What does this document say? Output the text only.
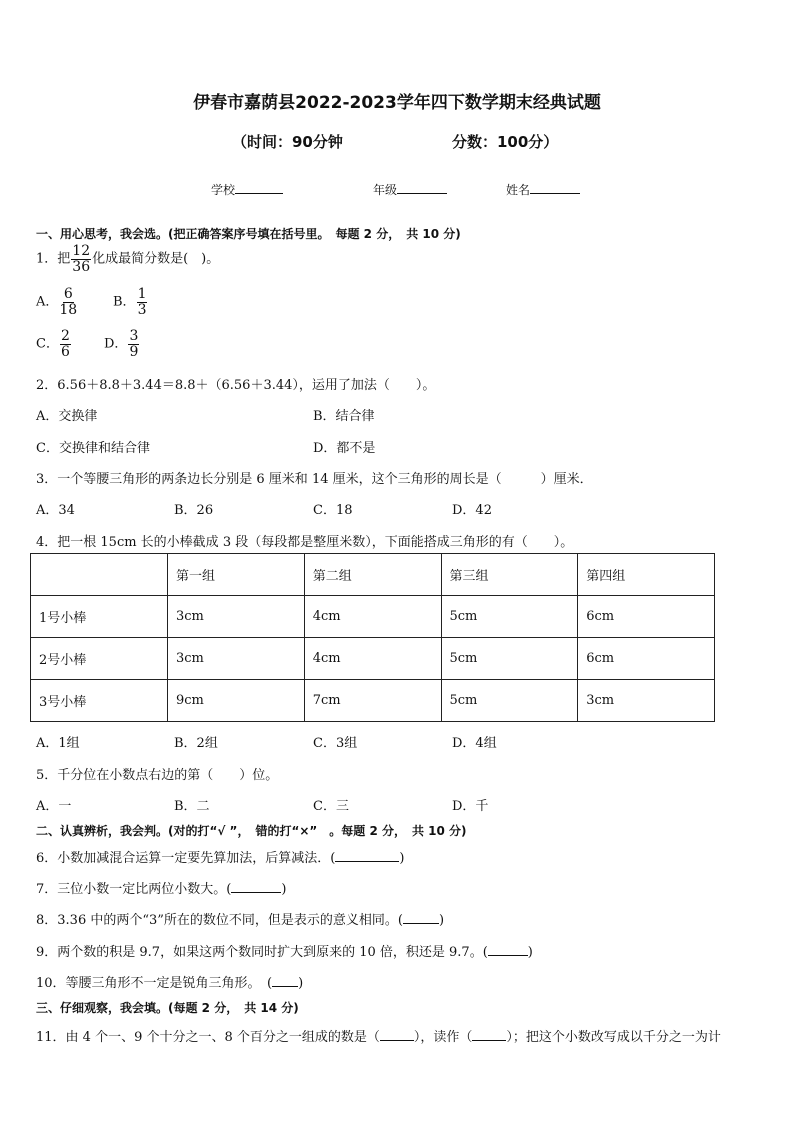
伊春市嘉荫县2022-2023学年四下数学期末经典试题
（时间：90分钟	分数：100分）
学校	年级	姓名
一、用心思考，我会选。(把正确答案序号填在括号里。　每题 2 分，　共 10 分)
1．把 $\frac{12}{36}$ 化成最简分数是(　)。
A． $\frac{6}{18}$	B． $\frac{1}{3}$
C． $\frac{2}{6}$	D． $\frac{3}{9}$
2．6.56＋8.8＋3.44＝8.8＋（6.56＋3.44），运用了加法（　　）。
A．交换律	B．结合律
C．交换律和结合律	D．都不是
3．一个等腰三角形的两条边长分别是 6 厘米和 14 厘米，这个三角形的周长是（　　　）厘米．
A．34	B．26	C．18	D．42
4．把一根 15cm 长的小棒截成 3 段（每段都是整厘米数），下面能搭成三角形的有（　　）。
	第一组	第二组	第三组	第四组
1号小棒	3cm	4cm	5cm	6cm
2号小棒	3cm	4cm	5cm	6cm
3号小棒	9cm	7cm	5cm	3cm
A．1组	B．2组	C．3组	D．4组
5．千分位在小数点右边的第（　　）位。
A．一	B．二	C．三	D．千
二、认真辨析，我会判。(对的打“√ ”，　错的打“×”　。每题 2 分，　共 10 分)
6．小数加减混合运算一定要先算加法，后算减法．(	)
7．三位小数一定比两位小数大。(	)
8．3.36 中的两个“3”所在的数位不同，但是表示的意义相同。(	)
9．两个数的积是 9.7，如果这两个数同时扩大到原来的 10 倍，积还是 9.7。(	)
10．等腰三角形不一定是锐角三角形。　( )
三、仔细观察，我会填。(每题 2 分，　共 14 分)
11．由 4 个一、9 个十分之一、8 个百分之一组成的数是（	），读作（	）；把这个小数改写成以千分之一为计
